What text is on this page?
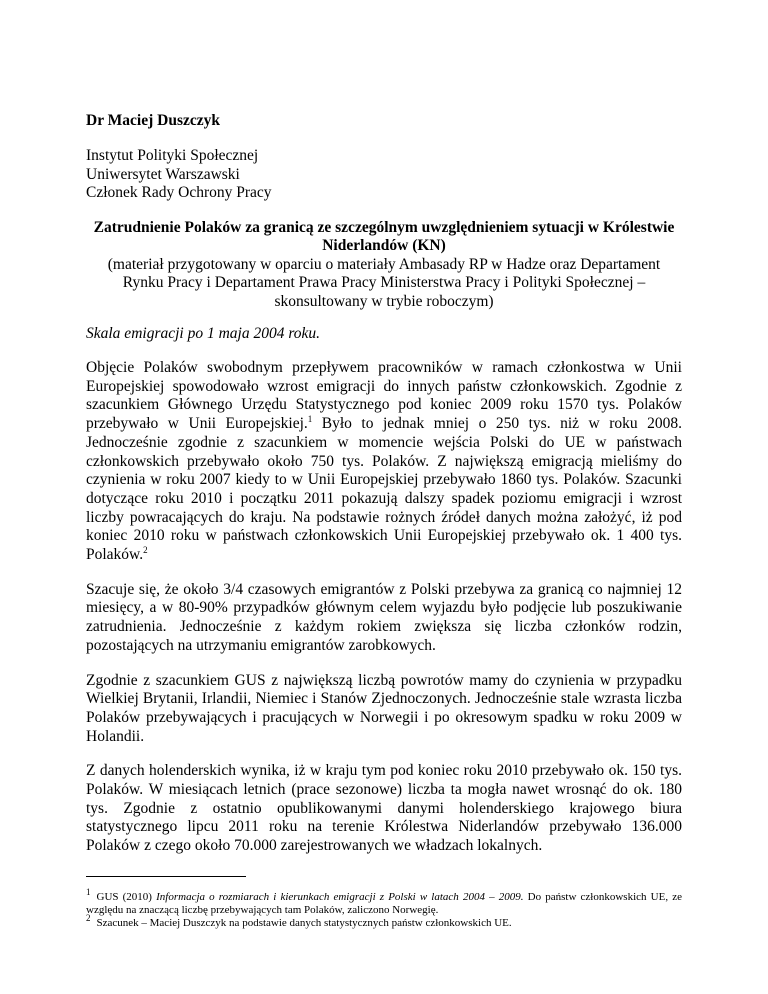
Dr Maciej Duszczyk

Instytut Polityki Społecznej
Uniwersytet Warszawski
Członek Rady Ochrony Pracy
Zatrudnienie Polaków za granicą ze szczególnym uwzględnieniem sytuacji w Królestwie Niderlandów (KN)
(materiał przygotowany w oparciu o materiały Ambasady RP w Hadze oraz Departament Rynku Pracy i Departament Prawa Pracy Ministerstwa Pracy i Polityki Społecznej – skonsultowany w trybie roboczym)

Skala emigracji po 1 maja 2004 roku.

Objęcie Polaków swobodnym przepływem pracowników w ramach członkostwa w Unii Europejskiej spowodowało wzrost emigracji do innych państw członkowskich. Zgodnie z szacunkiem Głównego Urzędu Statystycznego pod koniec 2009 roku 1570 tys. Polaków przebywało w Unii Europejskiej.$^1$ Było to jednak mniej o 250 tys. niż w roku 2008. Jednocześnie zgodnie z szacunkiem w momencie wejścia Polski do UE w państwach członkowskich przebywało około 750 tys. Polaków. Z największą emigracją mieliśmy do czynienia w roku 2007 kiedy to w Unii Europejskiej przebywało 1860 tys. Polaków. Szacunki dotyczące roku 2010 i początku 2011 pokazują dalszy spadek poziomu emigracji i wzrost liczby powracających do kraju. Na podstawie rożnych źródeł danych można założyć, iż pod koniec 2010 roku w państwach członkowskich Unii Europejskiej przebywało ok. 1 400 tys. Polaków.$^2$

Szacuje się, że około 3/4 czasowych emigrantów z Polski przebywa za granicą co najmniej 12 miesięcy, a w 80-90% przypadków głównym celem wyjazdu było podjęcie lub poszukiwanie zatrudnienia. Jednocześnie z każdym rokiem zwiększa się liczba członków rodzin, pozostających na utrzymaniu emigrantów zarobkowych.

Zgodnie z szacunkiem GUS z największą liczbą powrotów mamy do czynienia w przypadku Wielkiej Brytanii, Irlandii, Niemiec i Stanów Zjednoczonych. Jednocześnie stale wzrasta liczba Polaków przebywających i pracujących w Norwegii i po okresowym spadku w roku 2009 w Holandii.

Z danych holenderskich wynika, iż w kraju tym pod koniec roku 2010 przebywało ok. 150 tys. Polaków. W miesiącach letnich (prace sezonowe) liczba ta mogła nawet wrosnąć do ok. 180 tys. Zgodnie z ostatnio opublikowanymi danymi holenderskiego krajowego biura statystycznego lipcu 2011 roku na terenie Królestwa Niderlandów przebywało 136.000 Polaków z czego około 70.000 zarejestrowanych we władzach lokalnych.

$^1$ GUS (2010) Informacja o rozmiarach i kierunkach emigracji z Polski w latach 2004 – 2009. Do państw członkowskich UE, ze względu na znaczącą liczbę przebywających tam Polaków, zaliczono Norwegię.

$^2$ Szacunek – Maciej Duszczyk na podstawie danych statystycznych państw członkowskich UE.
